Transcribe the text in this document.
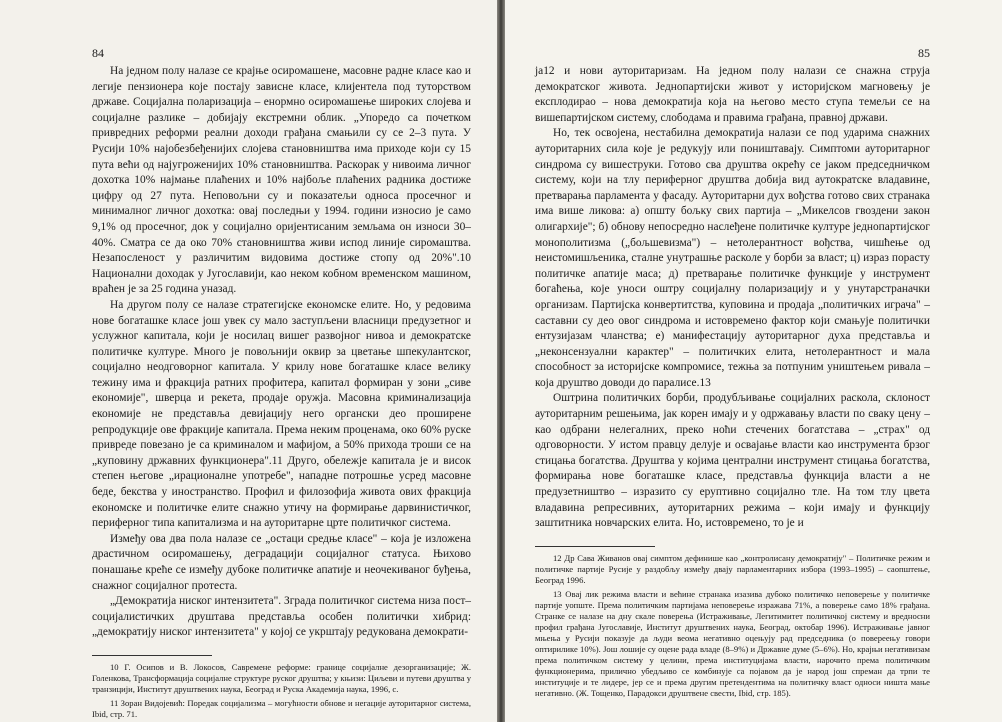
84

На једном полу налазе се крајње осиромашене, масовне радне класе као и легије пензионера које постају зависне класе, клијентела под туторством државе. Социјална поларизација – енормно осиромашење широких слојева и социјалне разлике – добијају екстремни облик. „Упоредо са почетком привредних реформи реални доходи грађана смањили су се 2–3 пута. У Русији 10% најобезбеђенијих слојева становништва има приходе који су 15 пута већи од најугроженијих 10% становништва. Раскорак у нивоима личног дохотка 10% најмање плаћених и 10% најбоље плаћених радника достиже цифру од 27 пута. Неповољни су и показатељи односа просечног и минималног личног дохотка: овај последњи у 1994. години износио је само 9,1% од просечног, док у социјално оријентисаним земљама он износи 30–40%. Сматра се да око 70% становништва живи испод линије сиромаштва. Незапосленост у различитим видовима достиже стопу од 20%".10 Национални доходак у Југославији, као неком кобном временском машином, враћен је за 25 година уназад.

На другом полу се налазе стратегијске економске елите. Но, у редовима нове богаташке класе још увек су мало заступљени власници предузетног и услужног капитала, који је носилац вишег развојног нивоа и демократске политичке културе. Много је повољнији оквир за цветање шпекулантског, социјално неодговорног капитала. У крилу нове богаташке класе велику тежину има и фракција ратних профитера, капитал формиран у зони „сиве економије", шверца и рекета, продаје оружја. Масовна криминализација економије не представља девијацију него органски део проширене репродукције ове фракције капитала. Према неким проценама, око 60% руске привреде повезано је са криминалом и мафијом, а 50% прихода троши се на „куповину државних функционера".11 Друго, обележје капитала је и висок степен његове „ирационалне употребе", нападне потрошње усред масовне беде, бекства у иностранство. Профил и филозофија живота ових фракција економске и политичке елите снажно утичу на формирање дарвинистичког, периферног типа капитализма и на ауторитарне црте политичког система.

Између ова два пола налазе се „остаци средње класе" – која је изложена драстичном осиромашењу, деградацији социјалног статуса. Њихово понашање креће се између дубоке политичке апатије и неочекиваног буђења, снажног социјалног протеста.

„Демократија ниског интензитета". Зграда политичког система низа пост–социјалистичких друштава представља особен политички хибрид: „демократију ниског интензитета" у којој се укрштају редукована демократи-

10 Г. Осипов и В. Локосов, Савремене реформе: границе социјалне дезорганизације; Ж. Голенкова, Трансформација социјалне структуре руског друштва; у књизи: Циљеви и путеви друштва у транзицији, Институт друштвених наука, Београд и Руска Академија наука, 1996, с.

11 Зоран Видојевић: Поредак социјализма – могућности обнове и негације ауторитарног система, Ibid, стр. 71.

85

ја12 и нови ауторитаризам. На једном полу налази се снажна струја демократског живота. Једнопартијски живот у историјском магновењу је експлодирао – нова демократија која на његово место ступа темељи се на вишепартијском систему, слободама и правима грађана, правној држави.

Но, тек освојена, нестабилна демократија налази се под ударима снажних ауторитарних сила које је редукују или поништавају. Симптоми ауторитарног синдрома су вишеструки. Готово сва друштва окрећу се јаком председничком систему, који на тлу периферног друштва добија вид аутократске владавине, претварања парламента у фасаду. Ауторитарни дух вођства готово свих странака има више ликова: а) општу бољку свих партија – „Микелсов гвоздени закон олигархије"; б) обнову непосредно наслеђене политичке културе једнопартијског монополитизма („бољшевизма") – нетолерантност вођства, чишћење од неистомишљеника, сталне унутрашње расколе у борби за власт; ц) израз порасту политичке апатије маса; д) претварање политичке функције у инструмент богаћења, које уноси оштру социјалну поларизацију и у унутарстраначки организам. Партијска конвертитства, куповина и продаја „политичких играча" – саставни су део овог синдрома и истовремено фактор који смањује политички ентузијазам чланства; е) манифестацију ауторитарног духа представља и „неконсензуални карактер" – политичких елита, нетолерантност и мала способност за историјске компромисе, тежња за потпуним уништењем ривала – која друштво доводи до паралисе.13

Оштрина политичких борби, продубљивање социјалних раскола, склоност ауторитарним решењима, јак корен имају и у одржавању власти по сваку цену – као одбрани нелегалних, преко ноћи стечених богатстава – „страх" од одговорности. У истом правцу делује и освајање власти као инструмента брзог стицања богатства. Друштва у којима централни инструмент стицања богатства, формирања нове богаташке класе, представља функција власти а не предузетништво – изразито су еруптивно социјално тле. На том тлу цвета владавина репресивних, ауторитарних режима – који имају и функцију заштитника новчарских елита. Но, истовремено, то је и

12 Др Сава Живанов овај симптом дефинише као „контролисану демократију" – Политичке режим и политичке партије Русије у раздобљу између двају парламентарних избора (1993–1995) – саопштење, Београд 1996.

13 Овај лик режима власти и већине странака изазива дубоко политичко неповерење у политичке партије уопште. Према политичким партијама неповерење изражава 71%, а поверење само 18% грађана. Странке се налазе на дну скале поверења (Истраживање, Легитимитет политичкој систему и вредносни профил грађана Југославије, Институт друштвених наука, Београд, октобар 1996). Истраживање јавног мњења у Русији показује да људи веома негативно оцењују рад председника (о повереењу говори оптирилике 10%). Још лошије су оцене рада владе (8–9%) и Државне думе (5–6%). Но, крајњи негативизам према политичком систему у целини, према институцијама власти, нарочито према политичким функционерима, прилично убедљиво се комбинује са појавом да је народ још спреман да трпи те институције и те лидере, јер се и према другим претендентима на политичку власт односи ништа мање негативно. (Ж. Тощенко, Парадокси друштвене свести, Ibid, стр. 185).
